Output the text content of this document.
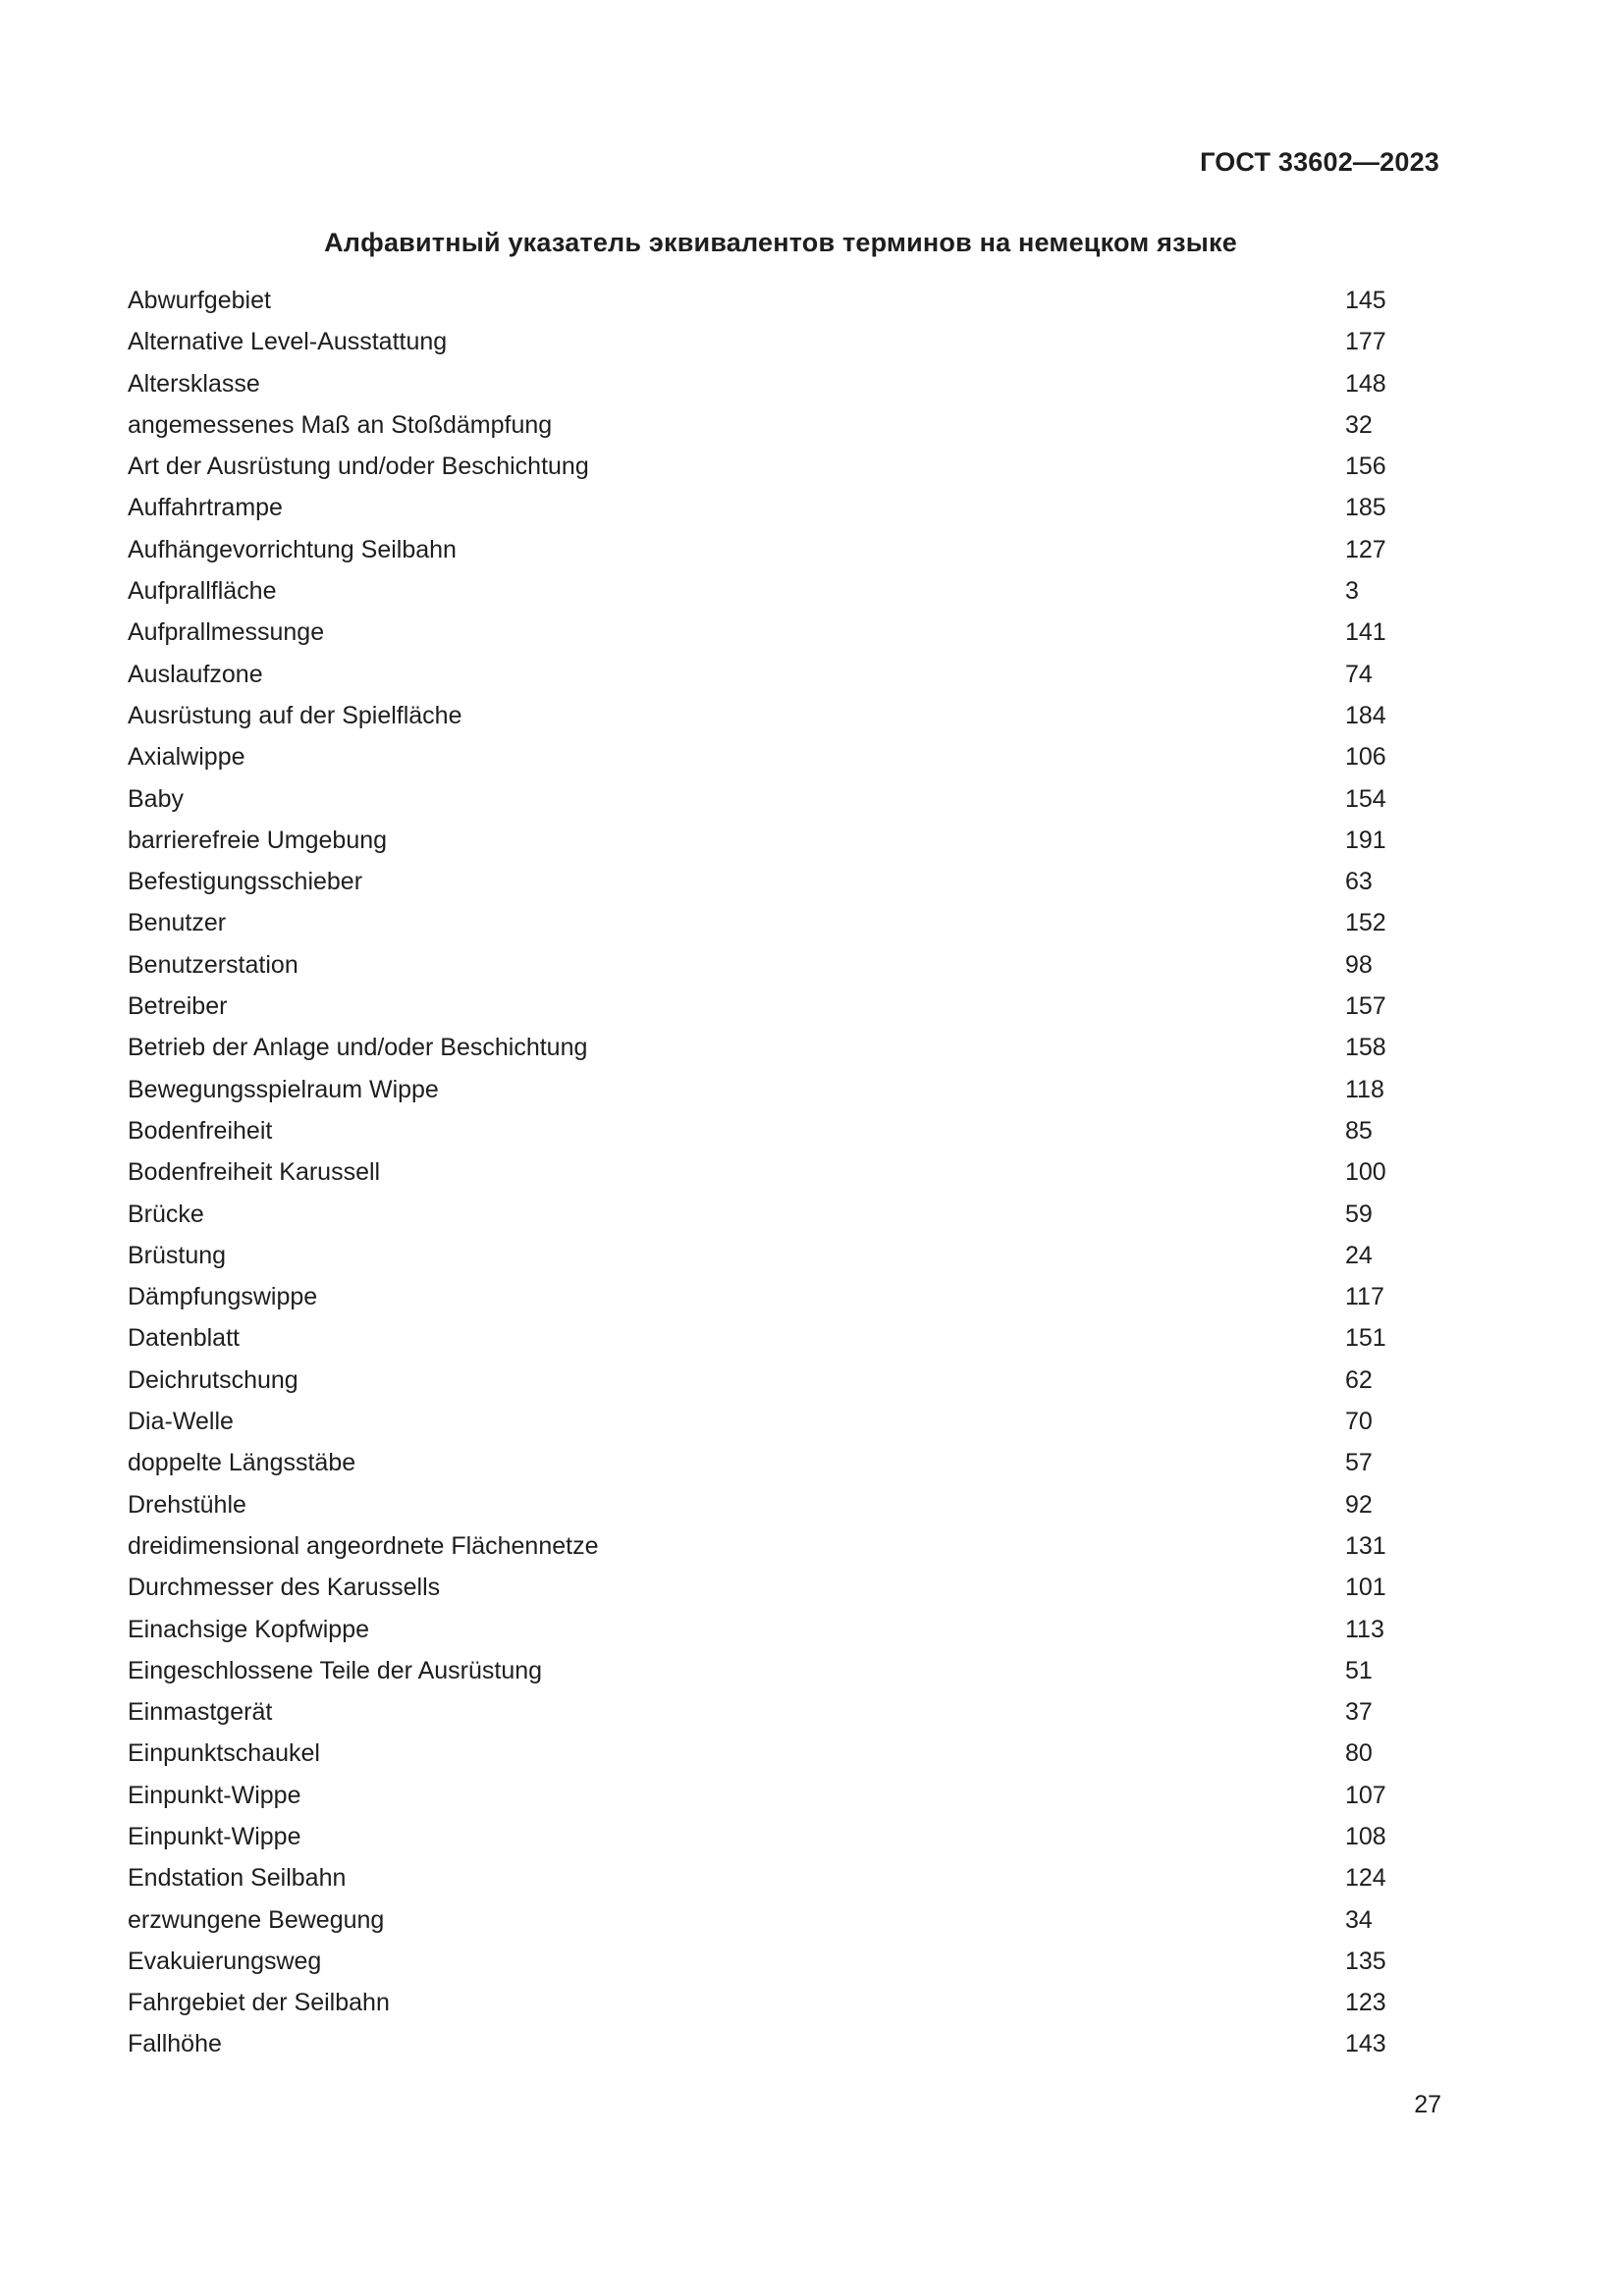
ГОСТ 33602—2023
Алфавитный указатель эквивалентов терминов на немецком языке
Abwurfgebiet	145
Alternative Level-Ausstattung	177
Altersklasse	148
angemessenes Maß an Stoßdämpfung	32
Art der Ausrüstung und/oder Beschichtung	156
Auffahrtrampe	185
Aufhängevorrichtung Seilbahn	127
Aufprallfläche	3
Aufprallmessunge	141
Auslaufzone	74
Ausrüstung auf der Spielfläche	184
Axialwippe	106
Baby	154
barrierefreie Umgebung	191
Befestigungsschieber	63
Benutzer	152
Benutzerstation	98
Betreiber	157
Betrieb der Anlage und/oder Beschichtung	158
Bewegungsspielraum Wippe	118
Bodenfreiheit	85
Bodenfreiheit Karussell	100
Brücke	59
Brüstung	24
Dämpfungswippe	117
Datenblatt	151
Deichrutschung	62
Dia-Welle	70
doppelte Längsstäbe	57
Drehstühle	92
dreidimensional angeordnete Flächennetze	131
Durchmesser des Karussells	101
Einachsige Kopfwippe	113
Eingeschlossene Teile der Ausrüstung	51
Einmastgerät	37
Einpunktschaukel	80
Einpunkt-Wippe	107
Einpunkt-Wippe	108
Endstation Seilbahn	124
erzwungene Bewegung	34
Evakuierungsweg	135
Fahrgebiet der Seilbahn	123
Fallhöhe	143
27
